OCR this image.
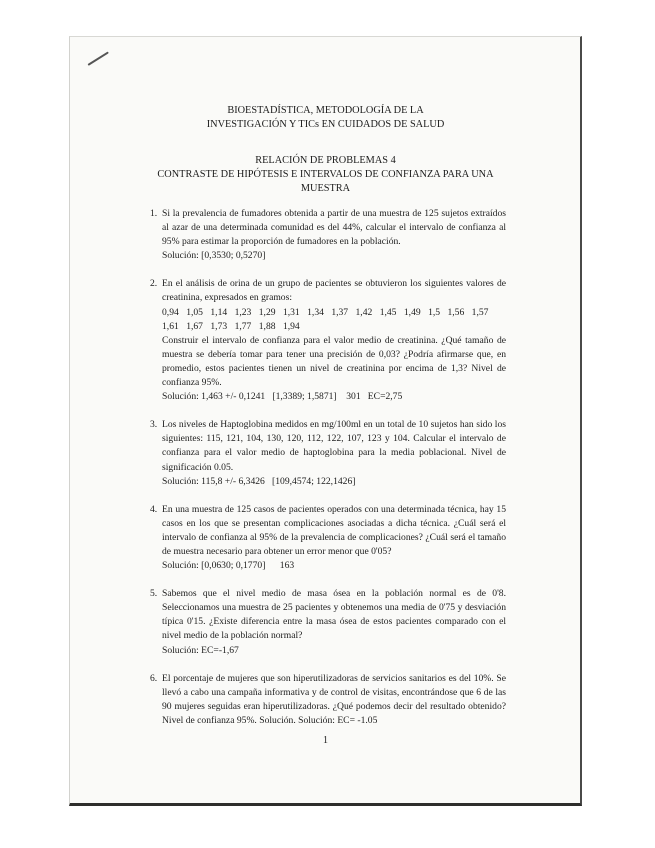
BIOESTADÍSTICA, METODOLOGÍA DE LA
INVESTIGACIÓN Y TICs EN CUIDADOS DE SALUD
RELACIÓN DE PROBLEMAS 4
CONTRASTE DE HIPÓTESIS E INTERVALOS DE CONFIANZA PARA UNA
MUESTRA
1. Si la prevalencia de fumadores obtenida a partir de una muestra de 125 sujetos extraídos al azar de una determinada comunidad es del 44%, calcular el intervalo de confianza al 95% para estimar la proporción de fumadores en la población.

Solución: [0,3530; 0,5270]

2. En el análisis de orina de un grupo de pacientes se obtuvieron los siguientes valores de creatinina, expresados en gramos:

0,94 1,05 1,14 1,23 1,29 1,31 1,34 1,37 1,42 1,45 1,49 1,5 1,56 1,57

1,61 1,67 1,73 1,77 1,88 1,94

Construir el intervalo de confianza para el valor medio de creatinina. ¿Qué tamaño de muestra se debería tomar para tener una precisión de 0,03? ¿Podría afirmarse que, en promedio, estos pacientes tienen un nivel de creatinina por encima de 1,3? Nivel de confianza 95%.

Solución: 1,463 +/- 0,1241   [1,3389; 1,5871]    301   EC=2,75

3. Los niveles de Haptoglobina medidos en mg/100ml en un total de 10 sujetos han sido los siguientes: 115, 121, 104, 130, 120, 112, 122, 107, 123 y 104. Calcular el intervalo de confianza para el valor medio de haptoglobina para la media poblacional. Nivel de significación 0.05.

Solución: 115,8 +/- 6,3426   [109,4574; 122,1426]

4. En una muestra de 125 casos de pacientes operados con una determinada técnica, hay 15 casos en los que se presentan complicaciones asociadas a dicha técnica. ¿Cuál será el intervalo de confianza al 95% de la prevalencia de complicaciones? ¿Cuál será el tamaño de muestra necesario para obtener un error menor que 0'05?

Solución: [0,0630; 0,1770]      163

5. Sabemos que el nivel medio de masa ósea en la población normal es de 0'8. Seleccionamos una muestra de 25 pacientes y obtenemos una media de 0'75 y desviación típica 0'15. ¿Existe diferencia entre la masa ósea de estos pacientes comparado con el nivel medio de la población normal?

Solución: EC=-1,67

6. El porcentaje de mujeres que son hiperutilizadoras de servicios sanitarios es del 10%. Se llevó a cabo una campaña informativa y de control de visitas, encontrándose que 6 de las 90 mujeres seguidas eran hiperutilizadoras. ¿Qué podemos decir del resultado obtenido? Nivel de confianza 95%. Solución. Solución: EC= -1.05

1
